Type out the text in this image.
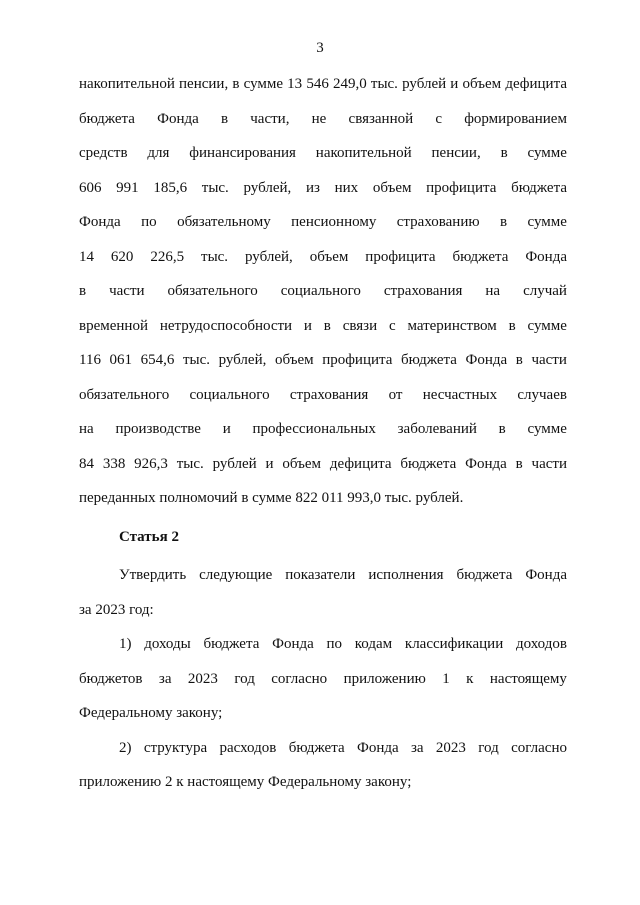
3
накопительной пенсии, в сумме 13 546 249,0 тыс. рублей и объем дефицита
бюджета Фонда в части, не связанной с формированием
средств для финансирования накопительной пенсии, в сумме
606 991 185,6 тыс. рублей, из них объем профицита бюджета
Фонда по обязательному пенсионному страхованию в сумме
14 620 226,5 тыс. рублей, объем профицита бюджета Фонда
в части обязательного социального страхования на случай
временной нетрудоспособности и в связи с материнством в сумме
116 061 654,6 тыс. рублей, объем профицита бюджета Фонда в части
обязательного социального страхования от несчастных случаев
на производстве и профессиональных заболеваний в сумме
84 338 926,3 тыс. рублей и объем дефицита бюджета Фонда в части
переданных полномочий в сумме 822 011 993,0 тыс. рублей.
Статья 2
Утвердить следующие показатели исполнения бюджета Фонда
за 2023 год:
1) доходы бюджета Фонда по кодам классификации доходов
бюджетов за 2023 год согласно приложению 1 к настоящему
Федеральному закону;
2) структура расходов бюджета Фонда за 2023 год согласно
приложению 2 к настоящему Федеральному закону;
